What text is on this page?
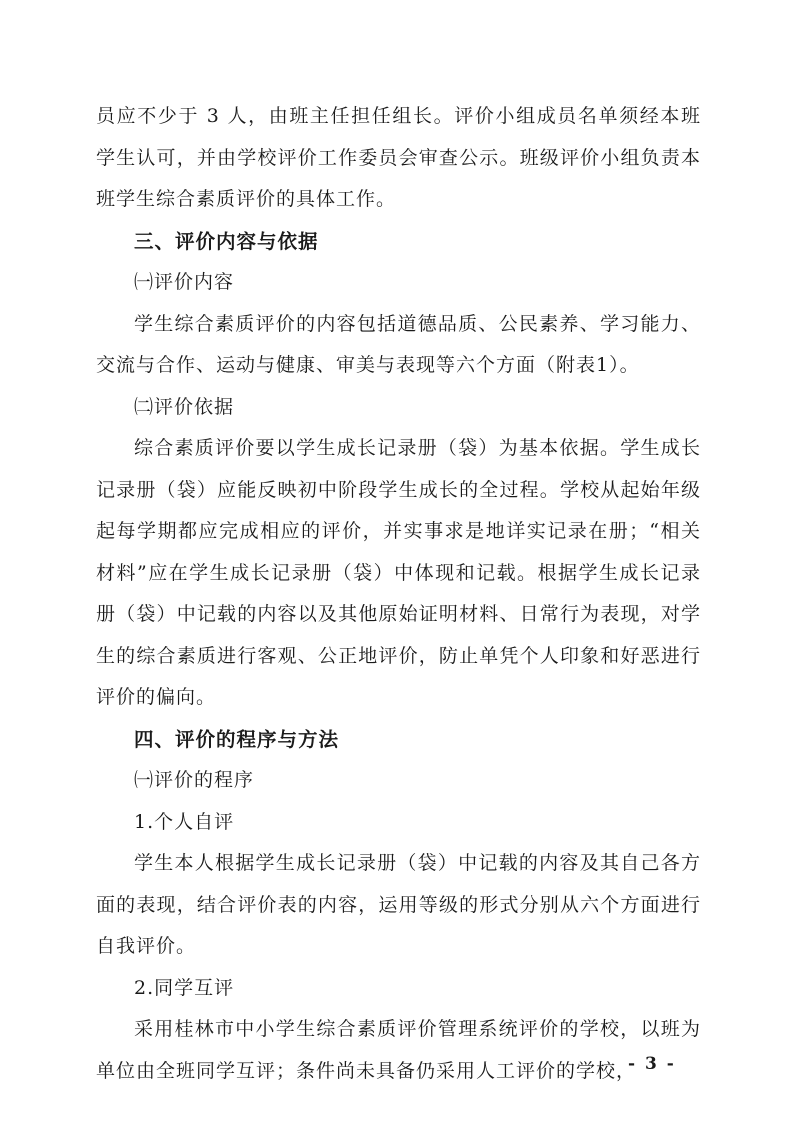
员应不少于 3 人，由班主任担任组长。评价小组成员名单须经本班学生认可，并由学校评价工作委员会审查公示。班级评价小组负责本班学生综合素质评价的具体工作。

三、评价内容与依据
㈠评价内容

学生综合素质评价的内容包括道德品质、公民素养、学习能力、交流与合作、运动与健康、审美与表现等六个方面（附表1）。

㈡评价依据

综合素质评价要以学生成长记录册（袋）为基本依据。学生成长记录册（袋）应能反映初中阶段学生成长的全过程。学校从起始年级起每学期都应完成相应的评价，并实事求是地详实记录在册；“相关材料”应在学生成长记录册（袋）中体现和记载。根据学生成长记录册（袋）中记载的内容以及其他原始证明材料、日常行为表现，对学生的综合素质进行客观、公正地评价，防止单凭个人印象和好恶进行评价的偏向。

四、评价的程序与方法
㈠评价的程序
1.个人自评

学生本人根据学生成长记录册（袋）中记载的内容及其自己各方面的表现，结合评价表的内容，运用等级的形式分别从六个方面进行自我评价。

2.同学互评

采用桂林市中小学生综合素质评价管理系统评价的学校，以班为单位由全班同学互评；条件尚未具备仍采用人工评价的学校，

- 3 -
